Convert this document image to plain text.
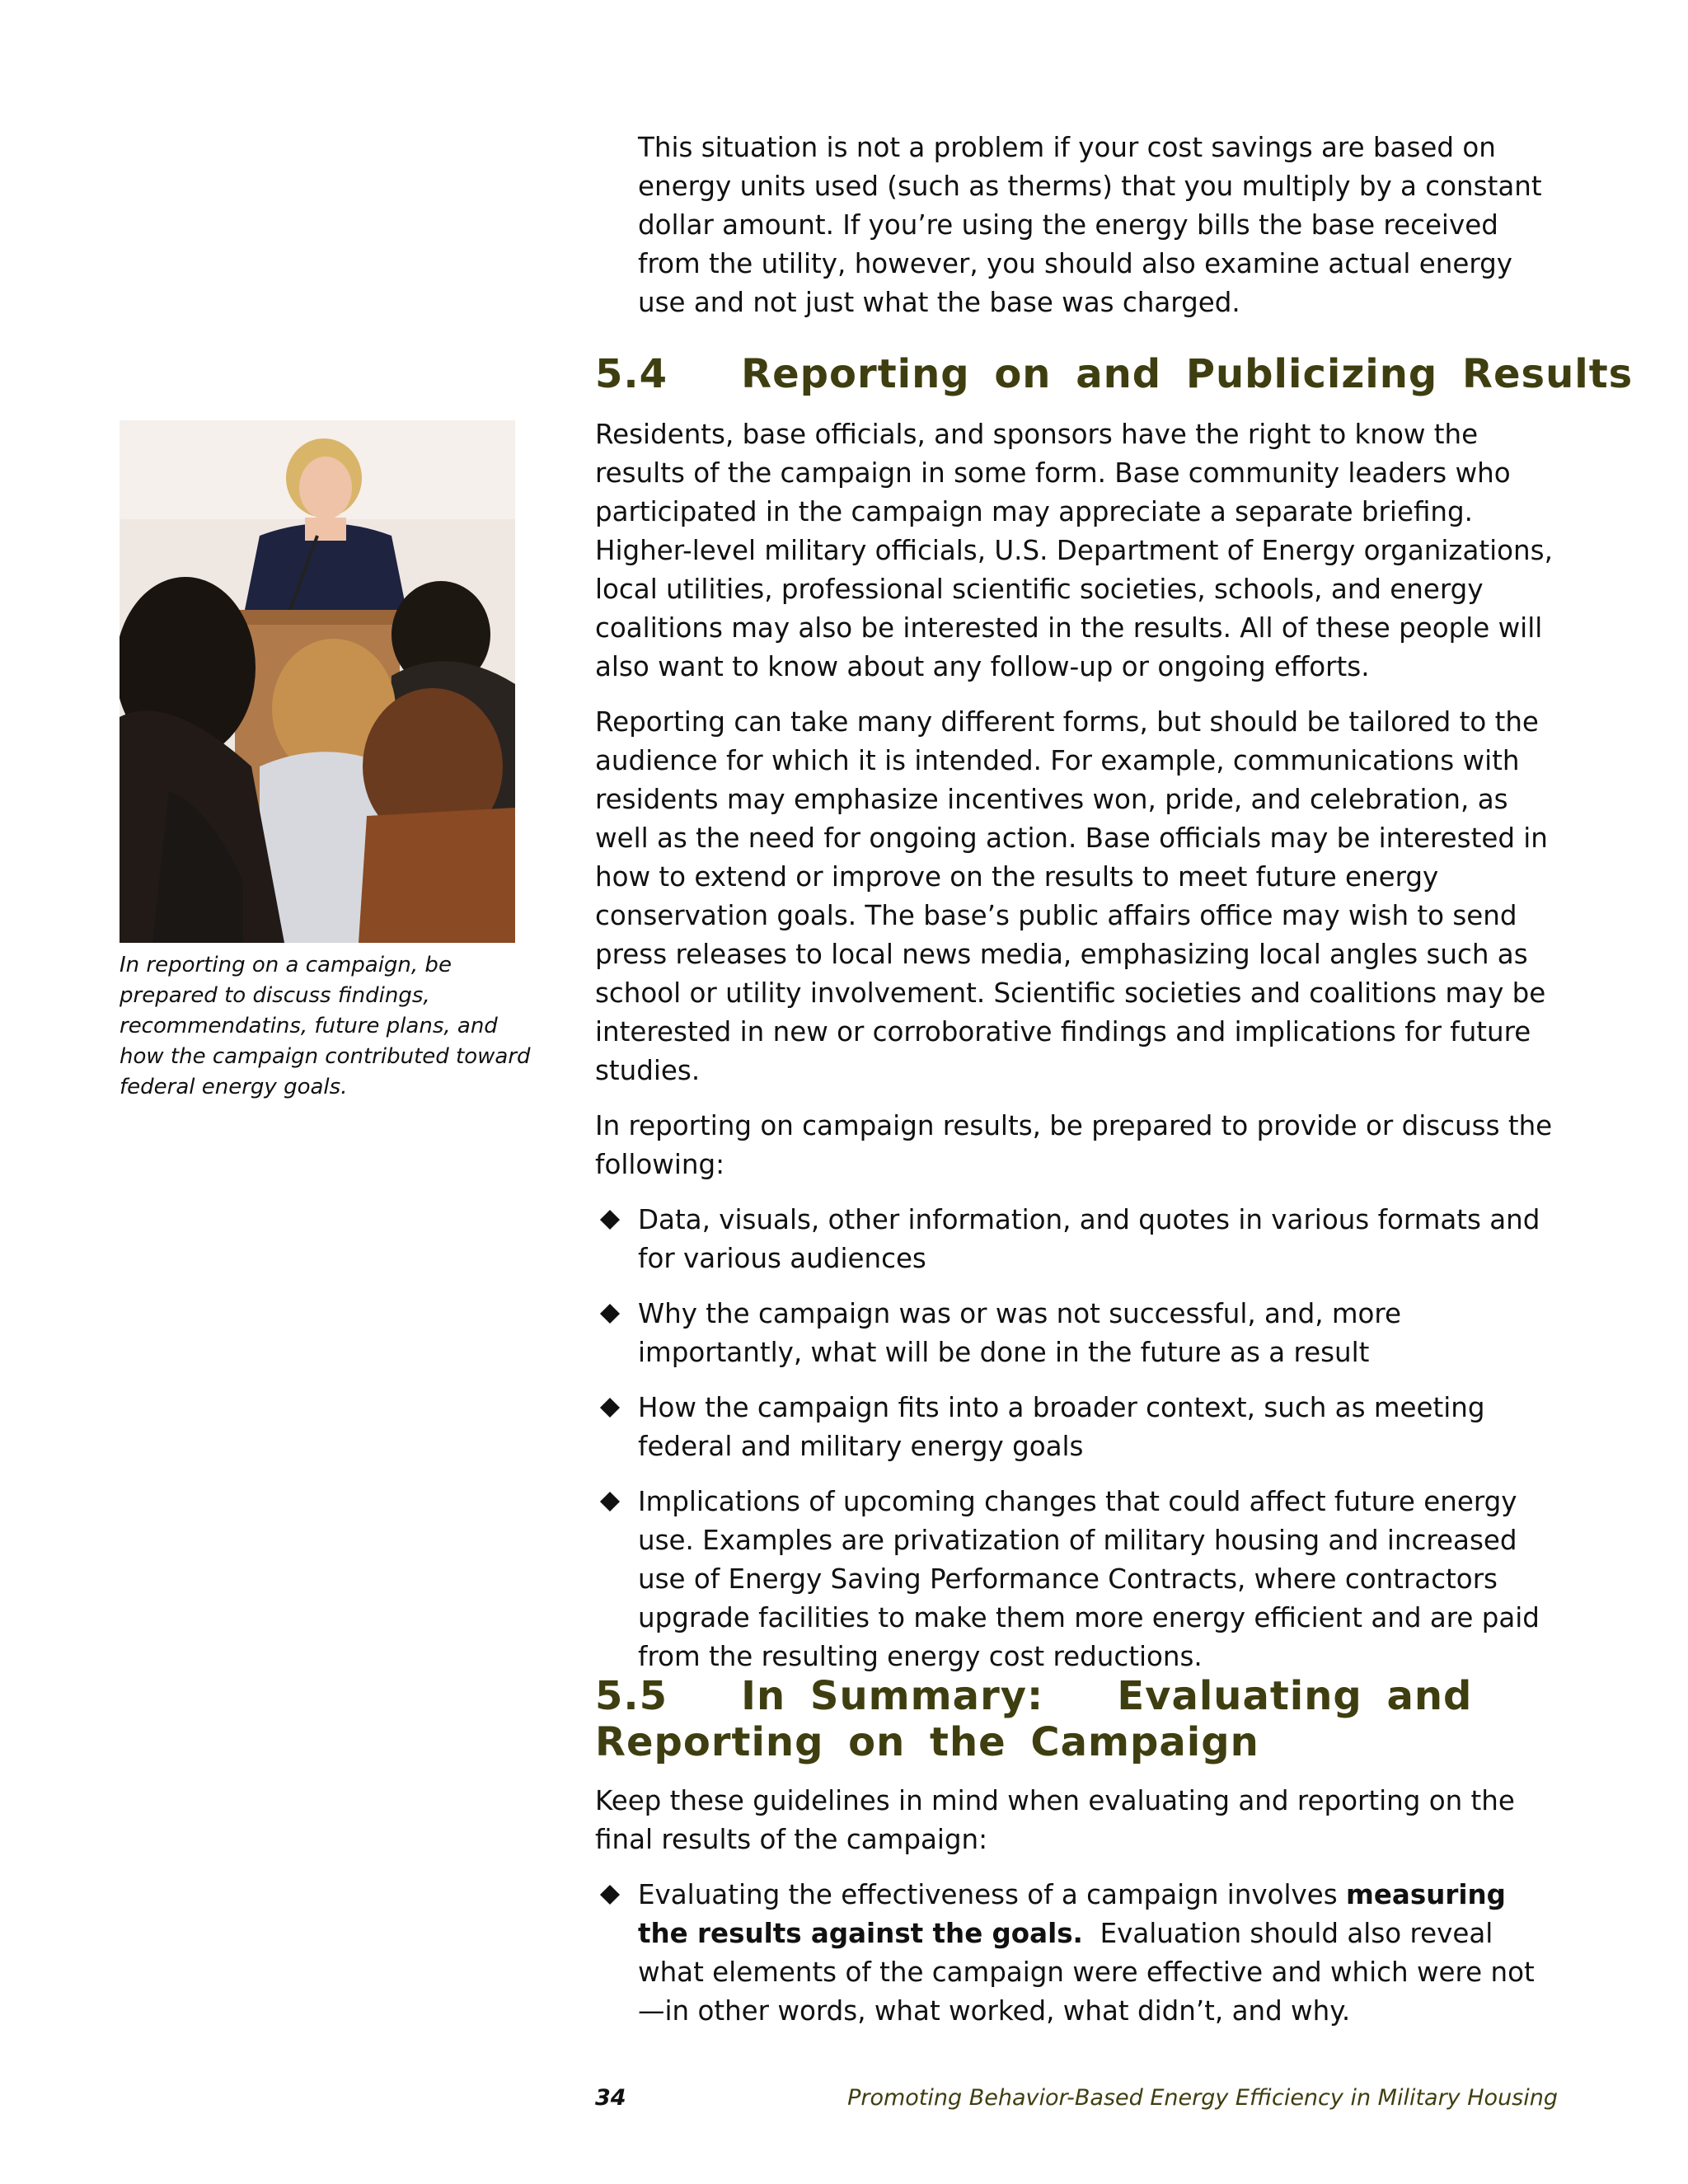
This situation is not a problem if your cost savings are based on energy units used (such as therms) that you multiply by a constant dollar amount. If you’re using the energy bills the base received from the utility, however, you should also examine actual energy use and not just what the base was charged.

5.4   Reporting on and Publicizing Results

Residents, base officials, and sponsors have the right to know the results of the campaign in some form. Base community leaders who participated in the campaign may appreciate a separate briefing. Higher-level military officials, U.S. Department of Energy organizations, local utilities, professional scientific societies, schools, and energy coalitions may also be interested in the results. All of these people will also want to know about any follow-up or ongoing efforts.

Reporting can take many different forms, but should be tailored to the audience for which it is intended. For example, communications with residents may emphasize incentives won, pride, and celebration, as well as the need for ongoing action. Base officials may be interested in how to extend or improve on the results to meet future energy conservation goals. The base’s public affairs office may wish to send press releases to local news media, emphasizing local angles such as school or utility involvement. Scientific societies and coalitions may be interested in new or corroborative findings and implications for future studies.

In reporting on campaign results, be prepared to provide or discuss the following:

Data, visuals, other information, and quotes in various formats and for various audiences
Why the campaign was or was not successful, and, more importantly, what will be done in the future as a result
How the campaign fits into a broader context, such as meeting federal and military energy goals
Implications of upcoming changes that could affect future energy use. Examples are privatization of military housing and increased use of Energy Saving Performance Contracts, where contractors upgrade facilities to make them more energy efficient and are paid from the resulting energy cost reductions.
5.5   In Summary:   Evaluating and
Reporting on the Campaign

Keep these guidelines in mind when evaluating and reporting on the final results of the campaign:

Evaluating the effectiveness of a campaign involves measuring the results against the goals.  Evaluation should also reveal what elements of the campaign were effective and which were not—in other words, what worked, what didn’t, and why.
In reporting on a campaign, be prepared to discuss findings, recommendatins, future plans, and how the campaign contributed toward federal energy goals.
34	Promoting Behavior-Based Energy Efficiency in Military Housing
